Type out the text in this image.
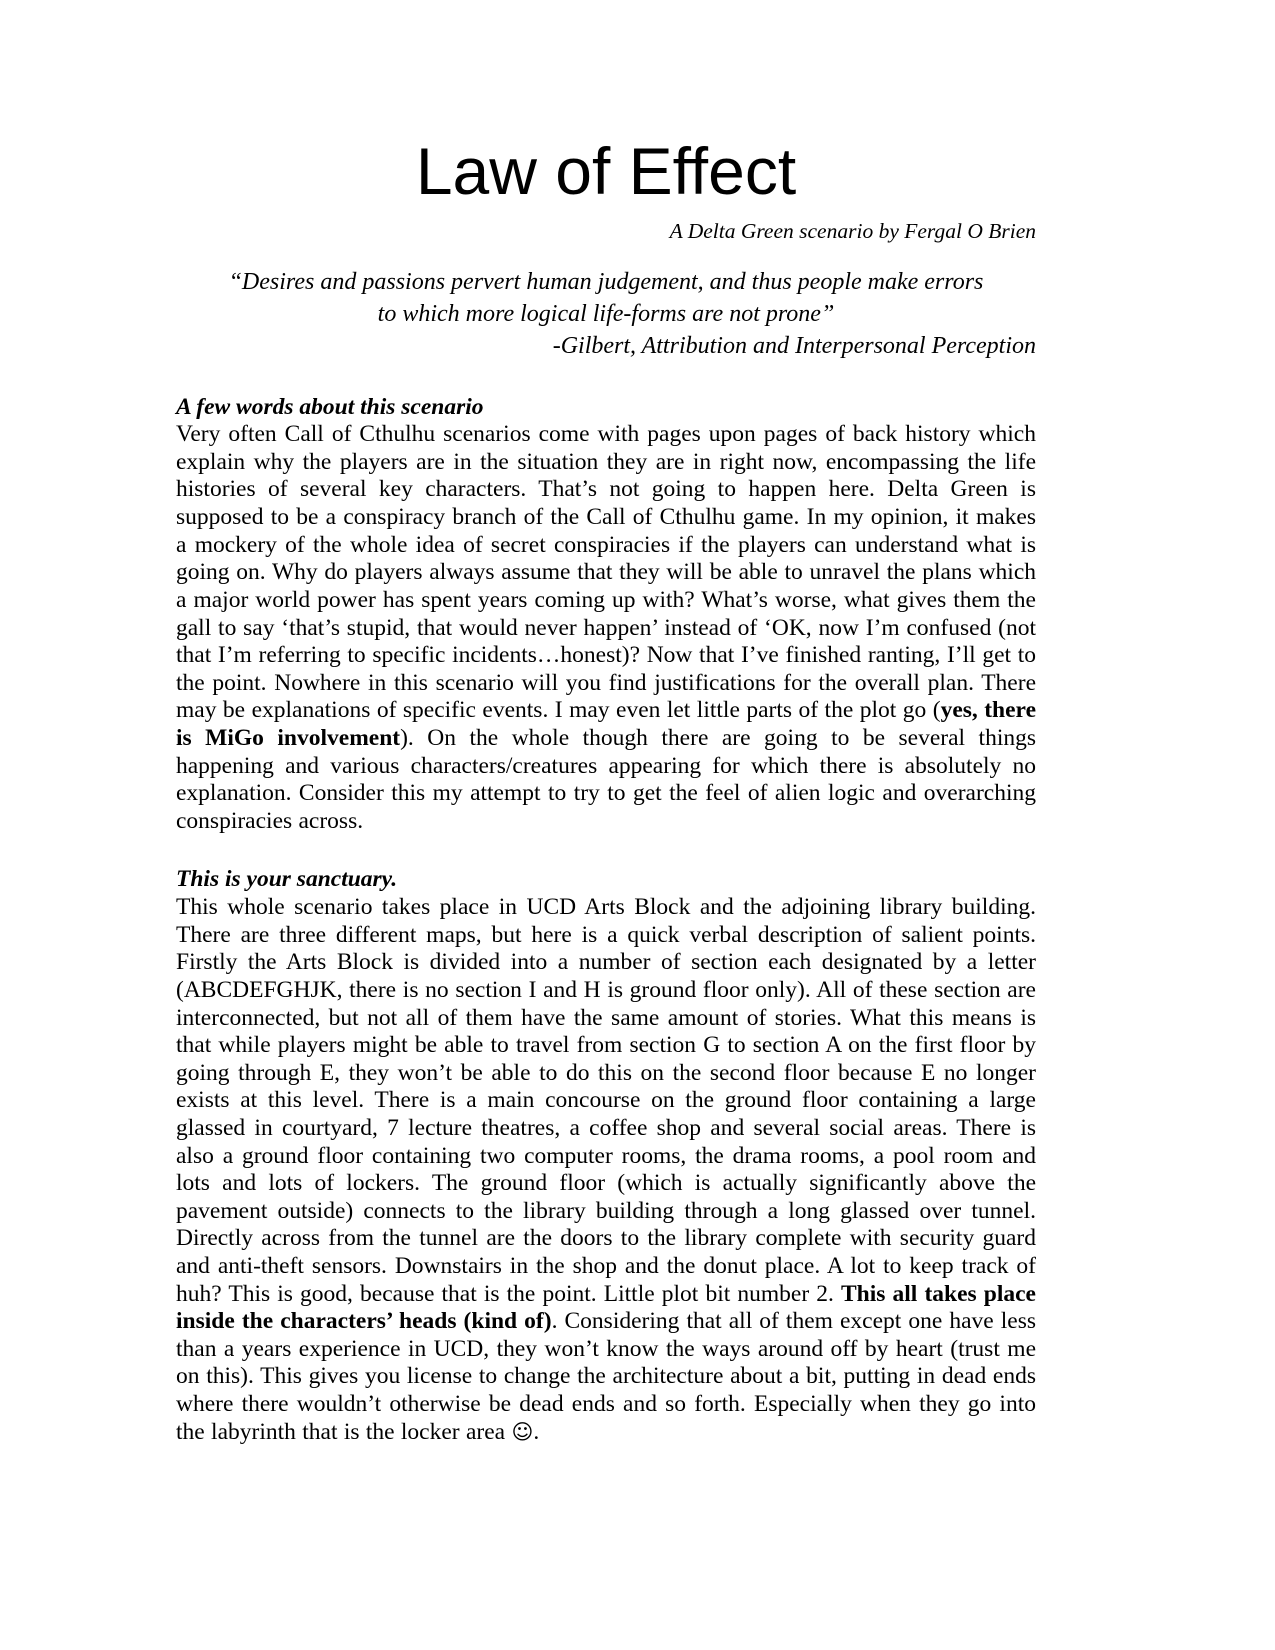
Law of Effect
A Delta Green scenario by Fergal O Brien
“Desires and passions pervert human judgement, and thus people make errors
to which more logical life-forms are not prone”
-Gilbert, Attribution and Interpersonal Perception
A few words about this scenario

Very often Call of Cthulhu scenarios come with pages upon pages of back history which explain why the players are in the situation they are in right now, encompassing the life histories of several key characters. That’s not going to happen here. Delta Green is supposed to be a conspiracy branch of the Call of Cthulhu game. In my opinion, it makes a mockery of the whole idea of secret conspiracies if the players can understand what is going on. Why do players always assume that they will be able to unravel the plans which a major world power has spent years coming up with? What’s worse, what gives them the gall to say ‘that’s stupid, that would never happen’ instead of ‘OK, now I’m confused (not that I’m referring to specific incidents…honest)? Now that I’ve finished ranting, I’ll get to the point. Nowhere in this scenario will you find justifications for the overall plan. There may be explanations of specific events. I may even let little parts of the plot go (yes, there is MiGo involvement). On the whole though there are going to be several things happening and various characters/creatures appearing for which there is absolutely no explanation. Consider this my attempt to try to get the feel of alien logic and overarching conspiracies across.

This is your sanctuary.

This whole scenario takes place in UCD Arts Block and the adjoining library building. There are three different maps, but here is a quick verbal description of salient points. Firstly the Arts Block is divided into a number of section each designated by a letter (ABCDEFGHJK, there is no section I and H is ground floor only). All of these section are interconnected, but not all of them have the same amount of stories. What this means is that while players might be able to travel from section G to section A on the first floor by going through E, they won’t be able to do this on the second floor because E no longer exists at this level. There is a main concourse on the ground floor containing a large glassed in courtyard, 7 lecture theatres, a coffee shop and several social areas. There is also a ground floor containing two computer rooms, the drama rooms, a pool room and lots and lots of lockers. The ground floor (which is actually significantly above the pavement outside) connects to the library building through a long glassed over tunnel. Directly across from the tunnel are the doors to the library complete with security guard and anti-theft sensors. Downstairs in the shop and the donut place. A lot to keep track of huh? This is good, because that is the point. Little plot bit number 2. This all takes place inside the characters’ heads (kind of). Considering that all of them except one have less than a years experience in UCD, they won’t know the ways around off by heart (trust me on this). This gives you license to change the architecture about a bit, putting in dead ends where there wouldn’t otherwise be dead ends and so forth. Especially when they go into the labyrinth that is the locker area ☺.
